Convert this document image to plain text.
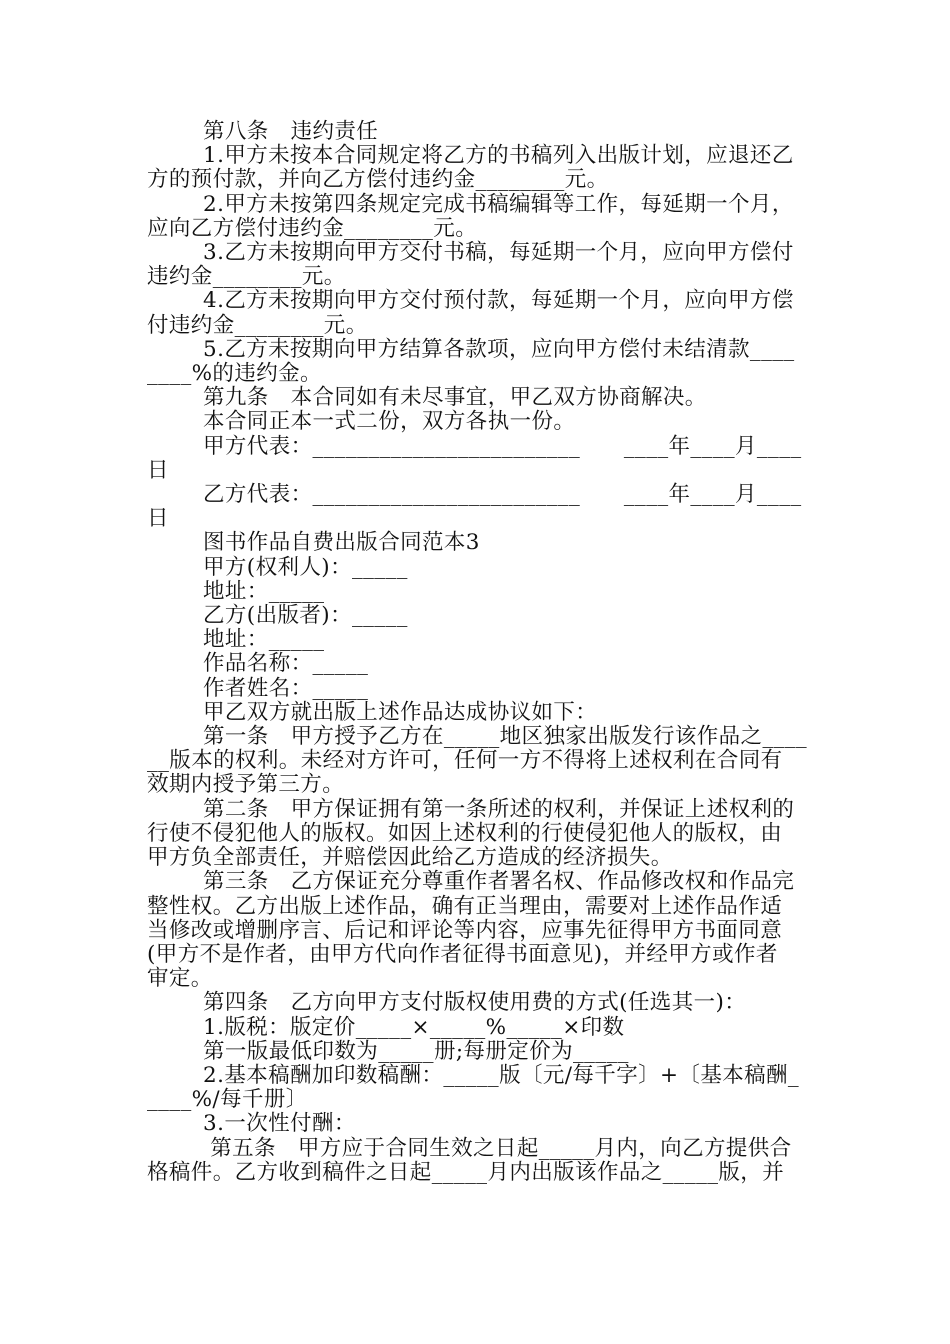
第八条　违约责任
1.甲方未按本合同规定将乙方的书稿列入出版计划，应退还乙
方的预付款，并向乙方偿付违约金________元。
2.甲方未按第四条规定完成书稿编辑等工作，每延期一个月，
应向乙方偿付违约金________元。
3.乙方未按期向甲方交付书稿，每延期一个月，应向甲方偿付
违约金________元。
4.乙方未按期向甲方交付预付款，每延期一个月，应向甲方偿
付违约金________元。
5.乙方未按期向甲方结算各款项，应向甲方偿付未结清款____
____%的违约金。
第九条　本合同如有未尽事宜，甲乙双方协商解决。
本合同正本一式二份，双方各执一份。
甲方代表：________________________　　____年____月____
日
乙方代表：________________________　　____年____月____
日
图书作品自费出版合同范本3
甲方(权利人)：_____
地址：_____
乙方(出版者)：_____
地址：_____
作品名称：_____
作者姓名：_____
甲乙双方就出版上述作品达成协议如下：
第一条　甲方授予乙方在_____地区独家出版发行该作品之____
__版本的权利。未经对方许可，任何一方不得将上述权利在合同有
效期内授予第三方。
第二条　甲方保证拥有第一条所述的权利，并保证上述权利的
行使不侵犯他人的版权。如因上述权利的行使侵犯他人的版权，由
甲方负全部责任，并赔偿因此给乙方造成的经济损失。
第三条　乙方保证充分尊重作者署名权、作品修改权和作品完
整性权。乙方出版上述作品，确有正当理由，需要对上述作品作适
当修改或增删序言、后记和评论等内容，应事先征得甲方书面同意
(甲方不是作者，由甲方代向作者征得书面意见)，并经甲方或作者
审定。
第四条　乙方向甲方支付版权使用费的方式(任选其一)：
1.版税：版定价_____×_____%_____×印数
第一版最低印数为_____册;每册定价为_____
2.基本稿酬加印数稿酬：_____版〔元/每千字〕+〔基本稿酬_
____%/每千册〕
3.一次性付酬：
第五条　甲方应于合同生效之日起_____月内，向乙方提供合
格稿件。乙方收到稿件之日起_____月内出版该作品之_____版，并
